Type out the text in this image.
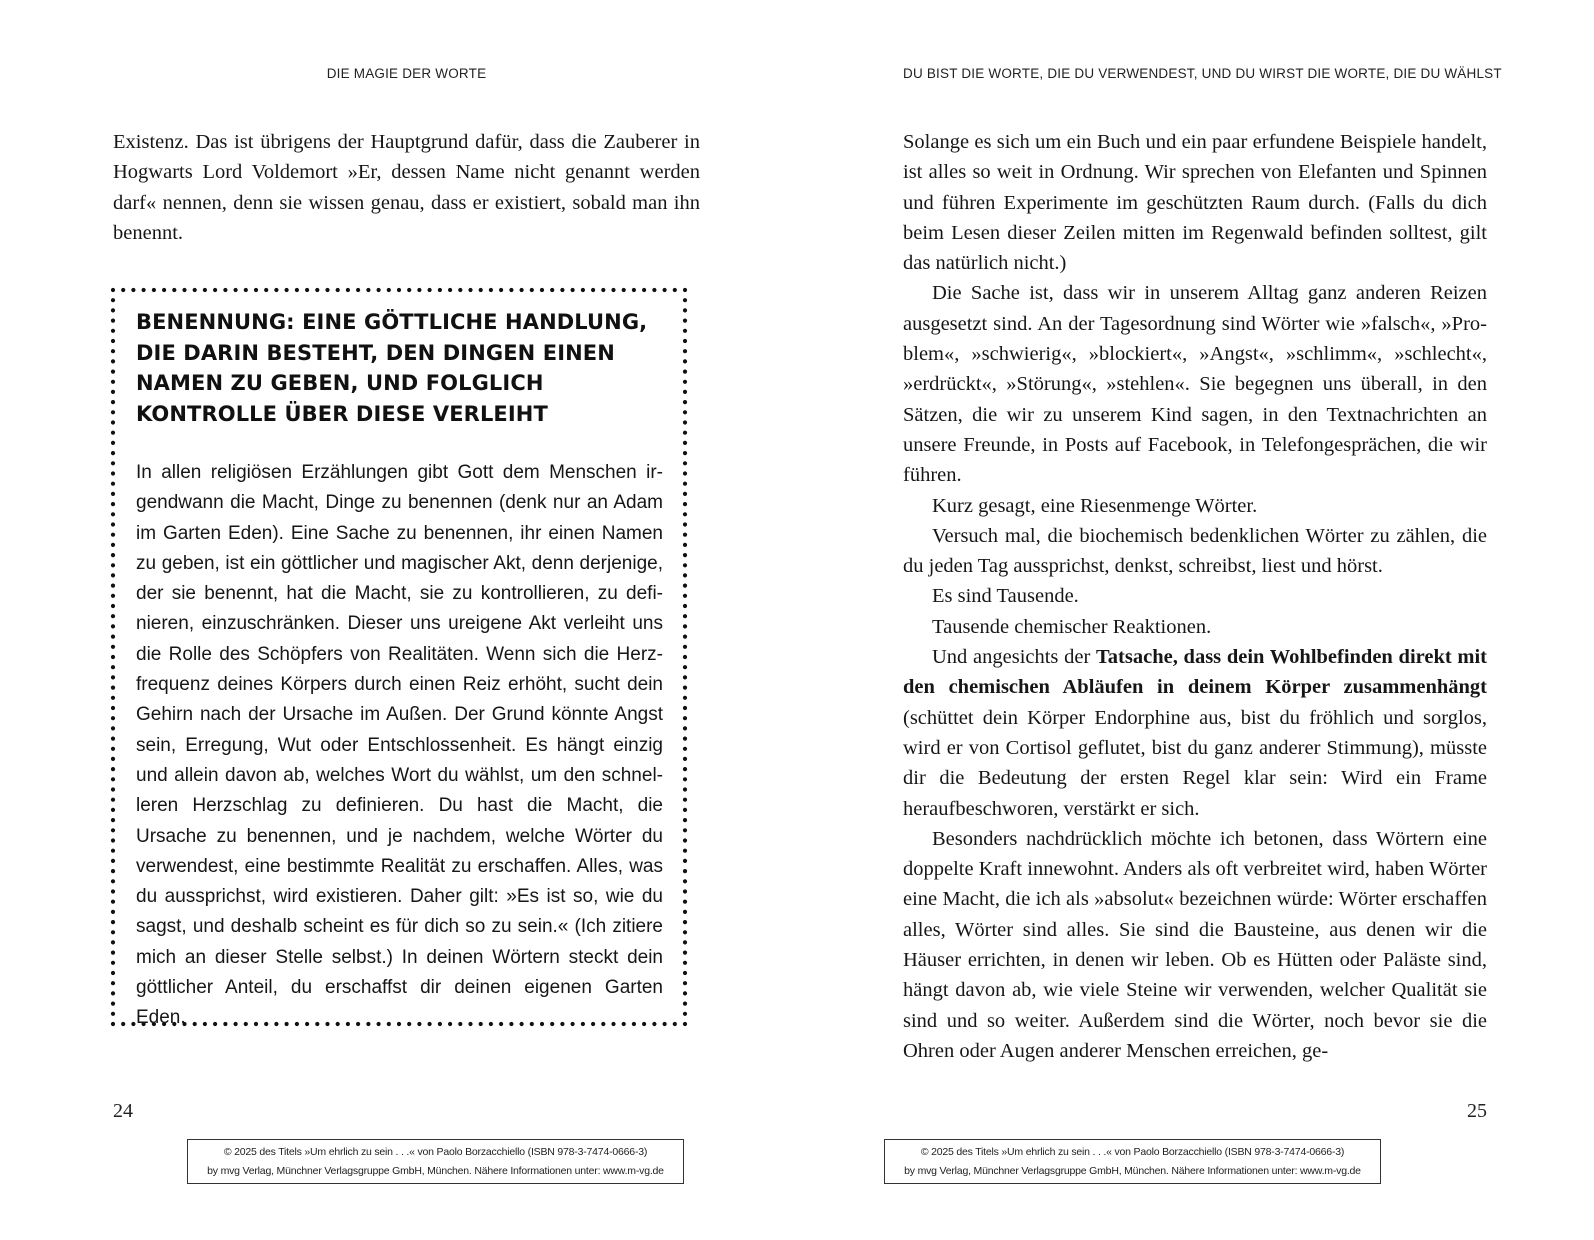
DIE MAGIE DER WORTE

Existenz. Das ist übrigens der Hauptgrund dafür, dass die Zauberer in Hogwarts Lord Voldemort »Er, dessen Name nicht genannt werden darf« nennen, denn sie wissen genau, dass er existiert, sobald man ihn benennt.

BENENNUNG: EINE GÖTTLICHE HANDLUNG, DIE DARIN BESTEHT, DEN DINGEN EINEN NAMEN ZU GEBEN, UND FOLGLICH KONTROLLE ÜBER DIESE VERLEIHT
In allen religiösen Erzählungen gibt Gott dem Menschen irgendwann die Macht, Dinge zu benennen (denk nur an Adam im Garten Eden). Eine Sache zu benennen, ihr einen Namen zu geben, ist ein göttlicher und magischer Akt, denn derjenige, der sie benennt, hat die Macht, sie zu kontrollieren, zu definieren, einzuschränken. Dieser uns ureigene Akt verleiht uns die Rolle des Schöpfers von Realitäten. Wenn sich die Herzfrequenz deines Körpers durch einen Reiz erhöht, sucht dein Gehirn nach der Ursache im Außen. Der Grund könnte Angst sein, Erregung, Wut oder Entschlossenheit. Es hängt einzig und allein davon ab, welches Wort du wählst, um den schnelleren Herzschlag zu definieren. Du hast die Macht, die Ursache zu benennen, und je nachdem, welche Wörter du verwendest, eine bestimmte Realität zu erschaffen. Alles, was du aussprichst, wird existieren. Daher gilt: »Es ist so, wie du sagst, und deshalb scheint es für dich so zu sein.« (Ich zitiere mich an dieser Stelle selbst.) In deinen Wörtern steckt dein göttlicher Anteil, du erschaffst dir deinen eigenen Garten Eden.
24
© 2025 des Titels »Um ehrlich zu sein . . .« von Paolo Borzacchiello (ISBN 978-3-7474-0666-3)
by mvg Verlag, Münchner Verlagsgruppe GmbH, München. Nähere Informationen unter: www.m-vg.de
DU BIST DIE WORTE, DIE DU VERWENDEST, UND DU WIRST DIE WORTE, DIE DU WÄHLST

Solange es sich um ein Buch und ein paar erfundene Beispiele handelt, ist alles so weit in Ordnung. Wir sprechen von Elefanten und Spinnen und führen Experimente im geschützten Raum durch. (Falls du dich beim Lesen dieser Zeilen mitten im Regenwald befinden solltest, gilt das natürlich nicht.)

Die Sache ist, dass wir in unserem Alltag ganz anderen Reizen ausgesetzt sind. An der Tagesordnung sind Wörter wie »falsch«, »Problem«, »schwierig«, »blockiert«, »Angst«, »schlimm«, »schlecht«, »erdrückt«, »Störung«, »stehlen«. Sie begegnen uns überall, in den Sätzen, die wir zu unserem Kind sagen, in den Textnachrichten an unsere Freunde, in Posts auf Facebook, in Telefongesprächen, die wir führen.

Kurz gesagt, eine Riesenmenge Wörter.

Versuch mal, die biochemisch bedenklichen Wörter zu zählen, die du jeden Tag aussprichst, denkst, schreibst, liest und hörst.

Es sind Tausende.

Tausende chemischer Reaktionen.

Und angesichts der Tatsache, dass dein Wohlbefinden direkt mit den chemischen Abläufen in deinem Körper zusammenhängt (schüttet dein Körper Endorphine aus, bist du fröhlich und sorglos, wird er von Cortisol geflutet, bist du ganz anderer Stimmung), müsste dir die Bedeutung der ersten Regel klar sein: Wird ein Frame heraufbeschworen, verstärkt er sich.

Besonders nachdrücklich möchte ich betonen, dass Wörtern eine doppelte Kraft innewohnt. Anders als oft verbreitet wird, haben Wörter eine Macht, die ich als »absolut« bezeichnen würde: Wörter erschaffen alles, Wörter sind alles. Sie sind die Bausteine, aus denen wir die Häuser errichten, in denen wir leben. Ob es Hütten oder Paläste sind, hängt davon ab, wie viele Steine wir verwenden, welcher Qualität sie sind und so weiter. Außerdem sind die Wörter, noch bevor sie die Ohren oder Augen anderer Menschen erreichen, ge-

25
© 2025 des Titels »Um ehrlich zu sein . . .« von Paolo Borzacchiello (ISBN 978-3-7474-0666-3)
by mvg Verlag, Münchner Verlagsgruppe GmbH, München. Nähere Informationen unter: www.m-vg.de
